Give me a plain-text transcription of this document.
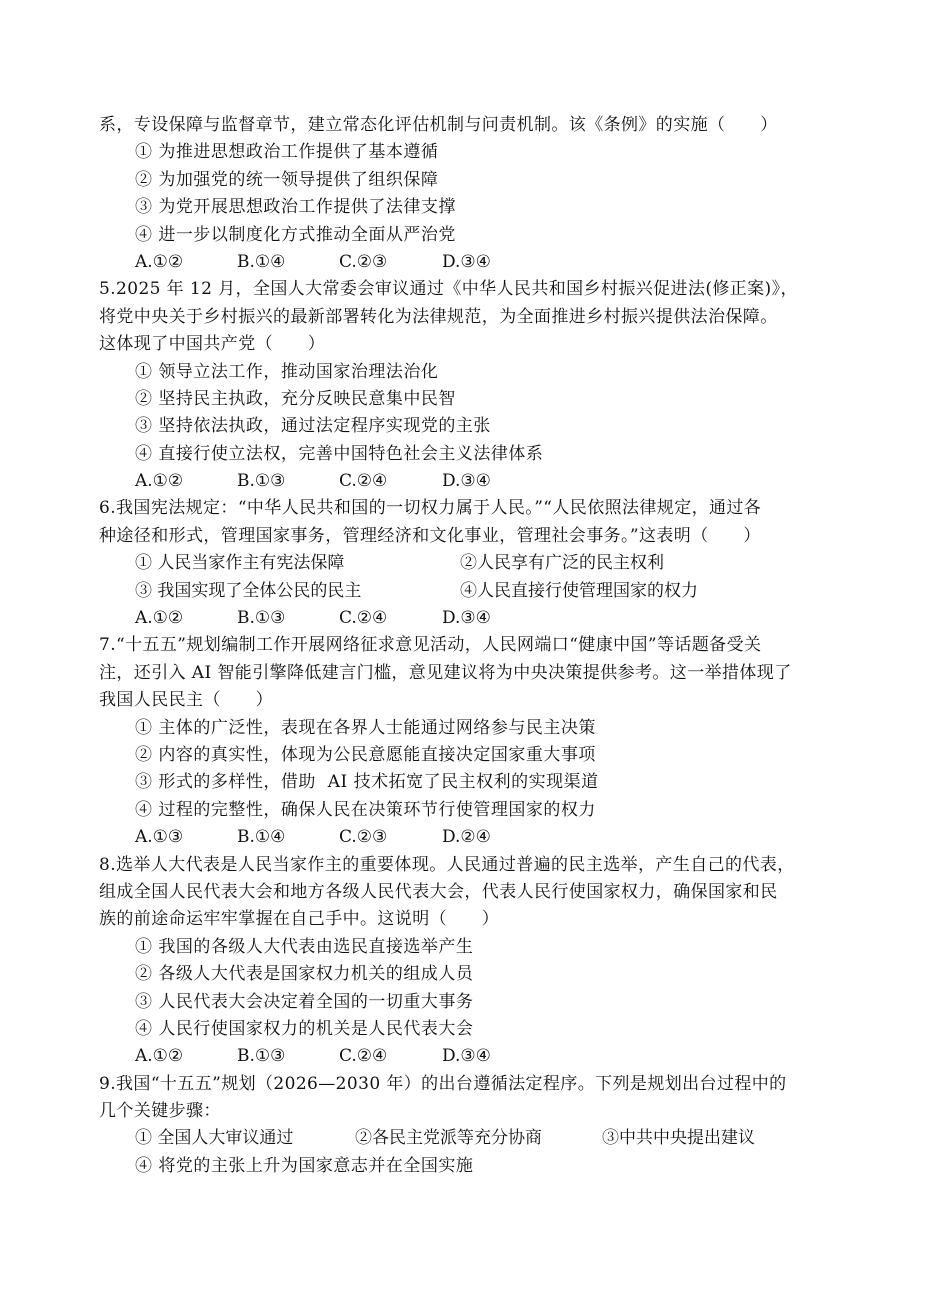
系，专设保障与监督章节，建立常态化评估机制与问责机制。该《条例》的实施（　　）
① 为推进思想政治工作提供了基本遵循
② 为加强党的统一领导提供了组织保障
③ 为党开展思想政治工作提供了法律支撑
④ 进一步以制度化方式推动全面从严治党
A.①②	B.①④	C.②③	D.③④
5.2025 年 12 月，全国人大常委会审议通过《中华人民共和国乡村振兴促进法(修正案)》，
将党中央关于乡村振兴的最新部署转化为法律规范，为全面推进乡村振兴提供法治保障。
这体现了中国共产党（　　）
① 领导立法工作，推动国家治理法治化
② 坚持民主执政，充分反映民意集中民智
③ 坚持依法执政，通过法定程序实现党的主张
④ 直接行使立法权，完善中国特色社会主义法律体系
A.①②	B.①③	C.②④	D.③④
6.我国宪法规定：“中华人民共和国的一切权力属于人民。”“人民依照法律规定，通过各
种途径和形式，管理国家事务，管理经济和文化事业，管理社会事务。”这表明（　　）
① 人民当家作主有宪法保障	②人民享有广泛的民主权利
③ 我国实现了全体公民的民主	④人民直接行使管理国家的权力
A.①②	B.①③	C.②④	D.③④
7.“十五五”规划编制工作开展网络征求意见活动，人民网端口“健康中国”等话题备受关
注，还引入 AI 智能引擎降低建言门槛，意见建议将为中央决策提供参考。这一举措体现了
我国人民民主（　　）
① 主体的广泛性，表现在各界人士能通过网络参与民主决策
② 内容的真实性，体现为公民意愿能直接决定国家重大事项
③ 形式的多样性，借助  AI 技术拓宽了民主权利的实现渠道
④ 过程的完整性，确保人民在决策环节行使管理国家的权力
A.①③	B.①④	C.②③	D.②④
8.选举人大代表是人民当家作主的重要体现。人民通过普遍的民主选举，产生自己的代表，
组成全国人民代表大会和地方各级人民代表大会，代表人民行使国家权力，确保国家和民
族的前途命运牢牢掌握在自己手中。这说明（　　）
① 我国的各级人大代表由选民直接选举产生
② 各级人大代表是国家权力机关的组成人员
③ 人民代表大会决定着全国的一切重大事务
④ 人民行使国家权力的机关是人民代表大会
A.①②	B.①③	C.②④	D.③④
9.我国“十五五”规划（2026—2030 年）的出台遵循法定程序。下列是规划出台过程中的
几个关键步骤：
① 全国人大审议通过	②各民主党派等充分协商	③中共中央提出建议
④ 将党的主张上升为国家意志并在全国实施
